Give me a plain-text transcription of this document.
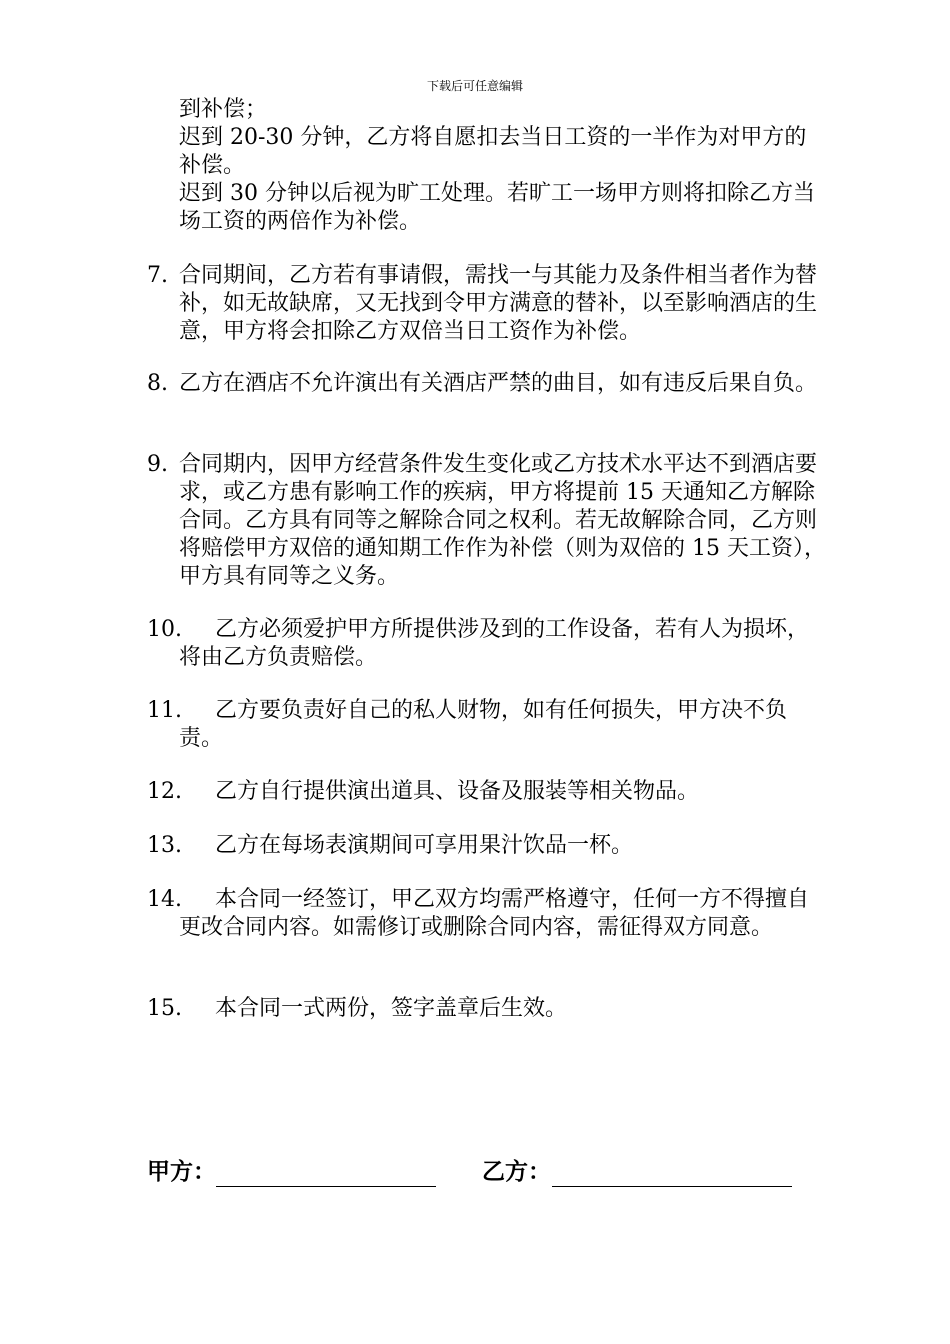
下载后可任意编辑

到补偿；

迟到 20-30 分钟，乙方将自愿扣去当日工资的一半作为对甲方的补偿。

迟到 30 分钟以后视为旷工处理。若旷工一场甲方则将扣除乙方当场工资的两倍作为补偿。

7. 合同期间，乙方若有事请假，需找一与其能力及条件相当者作为替补，如无故缺席，又无找到令甲方满意的替补，以至影响酒店的生意，甲方将会扣除乙方双倍当日工资作为补偿。
8. 乙方在酒店不允许演出有关酒店严禁的曲目，如有违反后果自负。
9. 合同期内，因甲方经营条件发生变化或乙方技术水平达不到酒店要求，或乙方患有影响工作的疾病，甲方将提前 15 天通知乙方解除合同。乙方具有同等之解除合同之权利。若无故解除合同，乙方则将赔偿甲方双倍的通知期工作作为补偿（则为双倍的 15 天工资），甲方具有同等之义务。
10. 乙方必须爱护甲方所提供涉及到的工作设备，若有人为损坏，将由乙方负责赔偿。
11. 乙方要负责好自己的私人财物，如有任何损失，甲方决不负责。
12. 乙方自行提供演出道具、设备及服装等相关物品。
13. 乙方在每场表演期间可享用果汁饮品一杯。
14. 本合同一经签订，甲乙双方均需严格遵守，任何一方不得擅自更改合同内容。如需修订或删除合同内容，需征得双方同意。
15. 本合同一式两份，签字盖章后生效。
甲方：	乙方：
